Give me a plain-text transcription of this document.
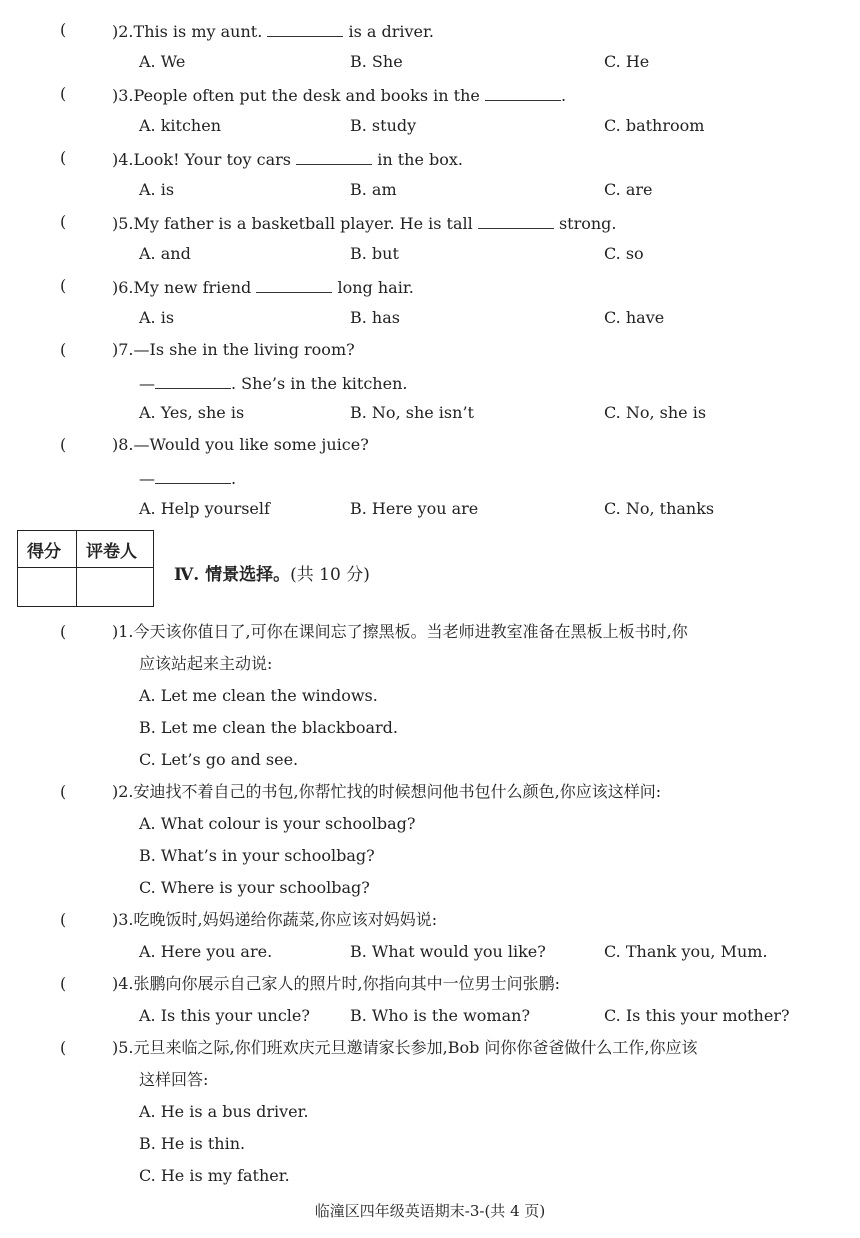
(	)2.This is my aunt.	is a driver.
A. We	B. She	C. He
(	)3.People often put the desk and books in the	.
A. kitchen	B. study	C. bathroom
(	)4.Look! Your toy cars	in the box.
A. is	B. am	C. are
(	)5.My father is a basketball player. He is tall	strong.
A. and	B. but	C. so
(	)6.My new friend	long hair.
A. is	B. has	C. have
(	)7.—Is she in the living room?
—	. She’s in the kitchen.
A. Yes, she is	B. No, she isn’t	C. No, she is
(	)8.—Would you like some juice?
—	.
A. Help yourself	B. Here you are	C. No, thanks
得分 评卷人
Ⅳ. 情景选择。(共 10 分)
(	)1.今天该你值日了,可你在课间忘了擦黑板。当老师进教室准备在黑板上板书时,你
应该站起来主动说:
A. Let me clean the windows.
B. Let me clean the blackboard.
C. Let’s go and see.
(	)2.安迪找不着自己的书包,你帮忙找的时候想问他书包什么颜色,你应该这样问:
A. What colour is your schoolbag?
B. What’s in your schoolbag?
C. Where is your schoolbag?
(	)3.吃晚饭时,妈妈递给你蔬菜,你应该对妈妈说:
A. Here you are.	B. What would you like?	C. Thank you, Mum.
(	)4.张鹏向你展示自己家人的照片时,你指向其中一位男士问张鹏:
A. Is this your uncle?	B. Who is the woman?	C. Is this your mother?
(	)5.元旦来临之际,你们班欢庆元旦邀请家长参加,Bob 问你你爸爸做什么工作,你应该
这样回答:
A. He is a bus driver.
B. He is thin.
C. He is my father.
临潼区四年级英语期末-3-(共 4 页)
